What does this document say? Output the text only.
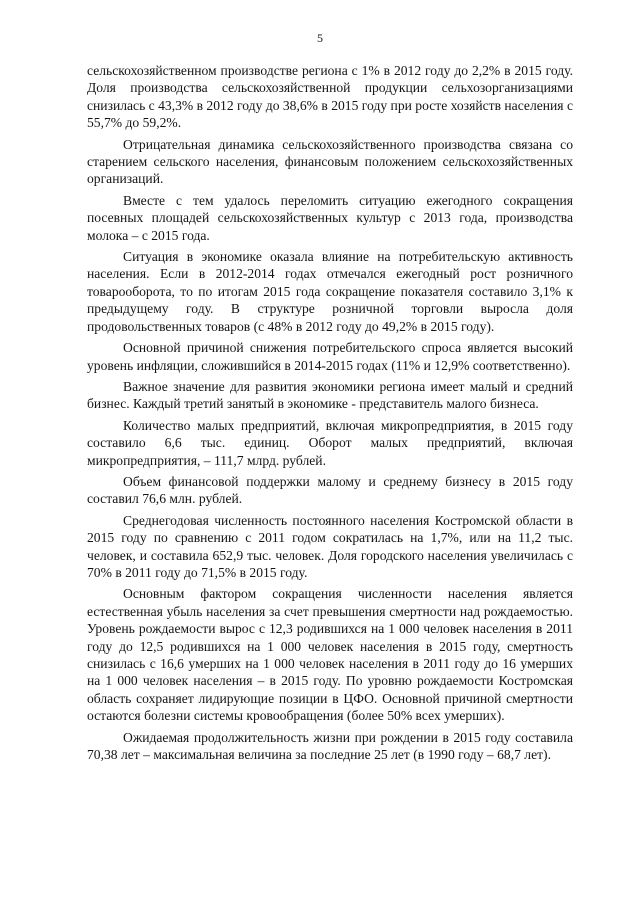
5

сельскохозяйственном производстве региона с 1% в 2012 году до 2,2% в 2015 году. Доля производства сельскохозяйственной продукции сельхозорганизациями снизилась с 43,3% в 2012 году до 38,6% в 2015 году при росте хозяйств населения с 55,7% до 59,2%.

Отрицательная динамика сельскохозяйственного производства связана со старением сельского населения, финансовым положением сельскохозяйственных организаций.

Вместе с тем удалось переломить ситуацию ежегодного сокращения посевных площадей сельскохозяйственных культур с 2013 года, производства молока – с 2015 года.

Ситуация в экономике оказала влияние на потребительскую активность населения. Если в 2012-2014 годах отмечался ежегодный рост розничного товарооборота, то по итогам 2015 года сокращение показателя составило 3,1% к предыдущему году. В структуре розничной торговли выросла доля продовольственных товаров (с 48% в 2012 году до 49,2% в 2015 году).

Основной причиной снижения потребительского спроса является высокий уровень инфляции, сложившийся в 2014-2015 годах (11% и 12,9% соответственно).

Важное значение для развития экономики региона имеет малый и средний бизнес. Каждый третий занятый в экономике - представитель малого бизнеса.

Количество малых предприятий, включая микропредприятия, в 2015 году составило 6,6 тыс. единиц. Оборот малых предприятий, включая микропредприятия, – 111,7 млрд. рублей.

Объем финансовой поддержки малому и среднему бизнесу в 2015 году составил 76,6 млн. рублей.

Среднегодовая численность постоянного населения Костромской области в 2015 году по сравнению с 2011 годом сократилась на 1,7%, или на 11,2 тыс. человек, и составила 652,9 тыс. человек. Доля городского населения увеличилась с 70% в 2011 году до 71,5% в 2015 году.

Основным фактором сокращения численности населения является естественная убыль населения за счет превышения смертности над рождаемостью. Уровень рождаемости вырос с 12,3 родившихся на 1 000 человек населения в 2011 году до 12,5 родившихся на 1 000 человек населения в 2015 году, смертность снизилась с 16,6 умерших на 1 000 человек населения в 2011 году до 16 умерших на 1 000 человек населения – в 2015 году. По уровню рождаемости Костромская область сохраняет лидирующие позиции в ЦФО. Основной причиной смертности остаются болезни системы кровообращения (более 50% всех умерших).

Ожидаемая продолжительность жизни при рождении в 2015 году составила 70,38 лет – максимальная величина за последние 25 лет (в 1990 году – 68,7 лет).
